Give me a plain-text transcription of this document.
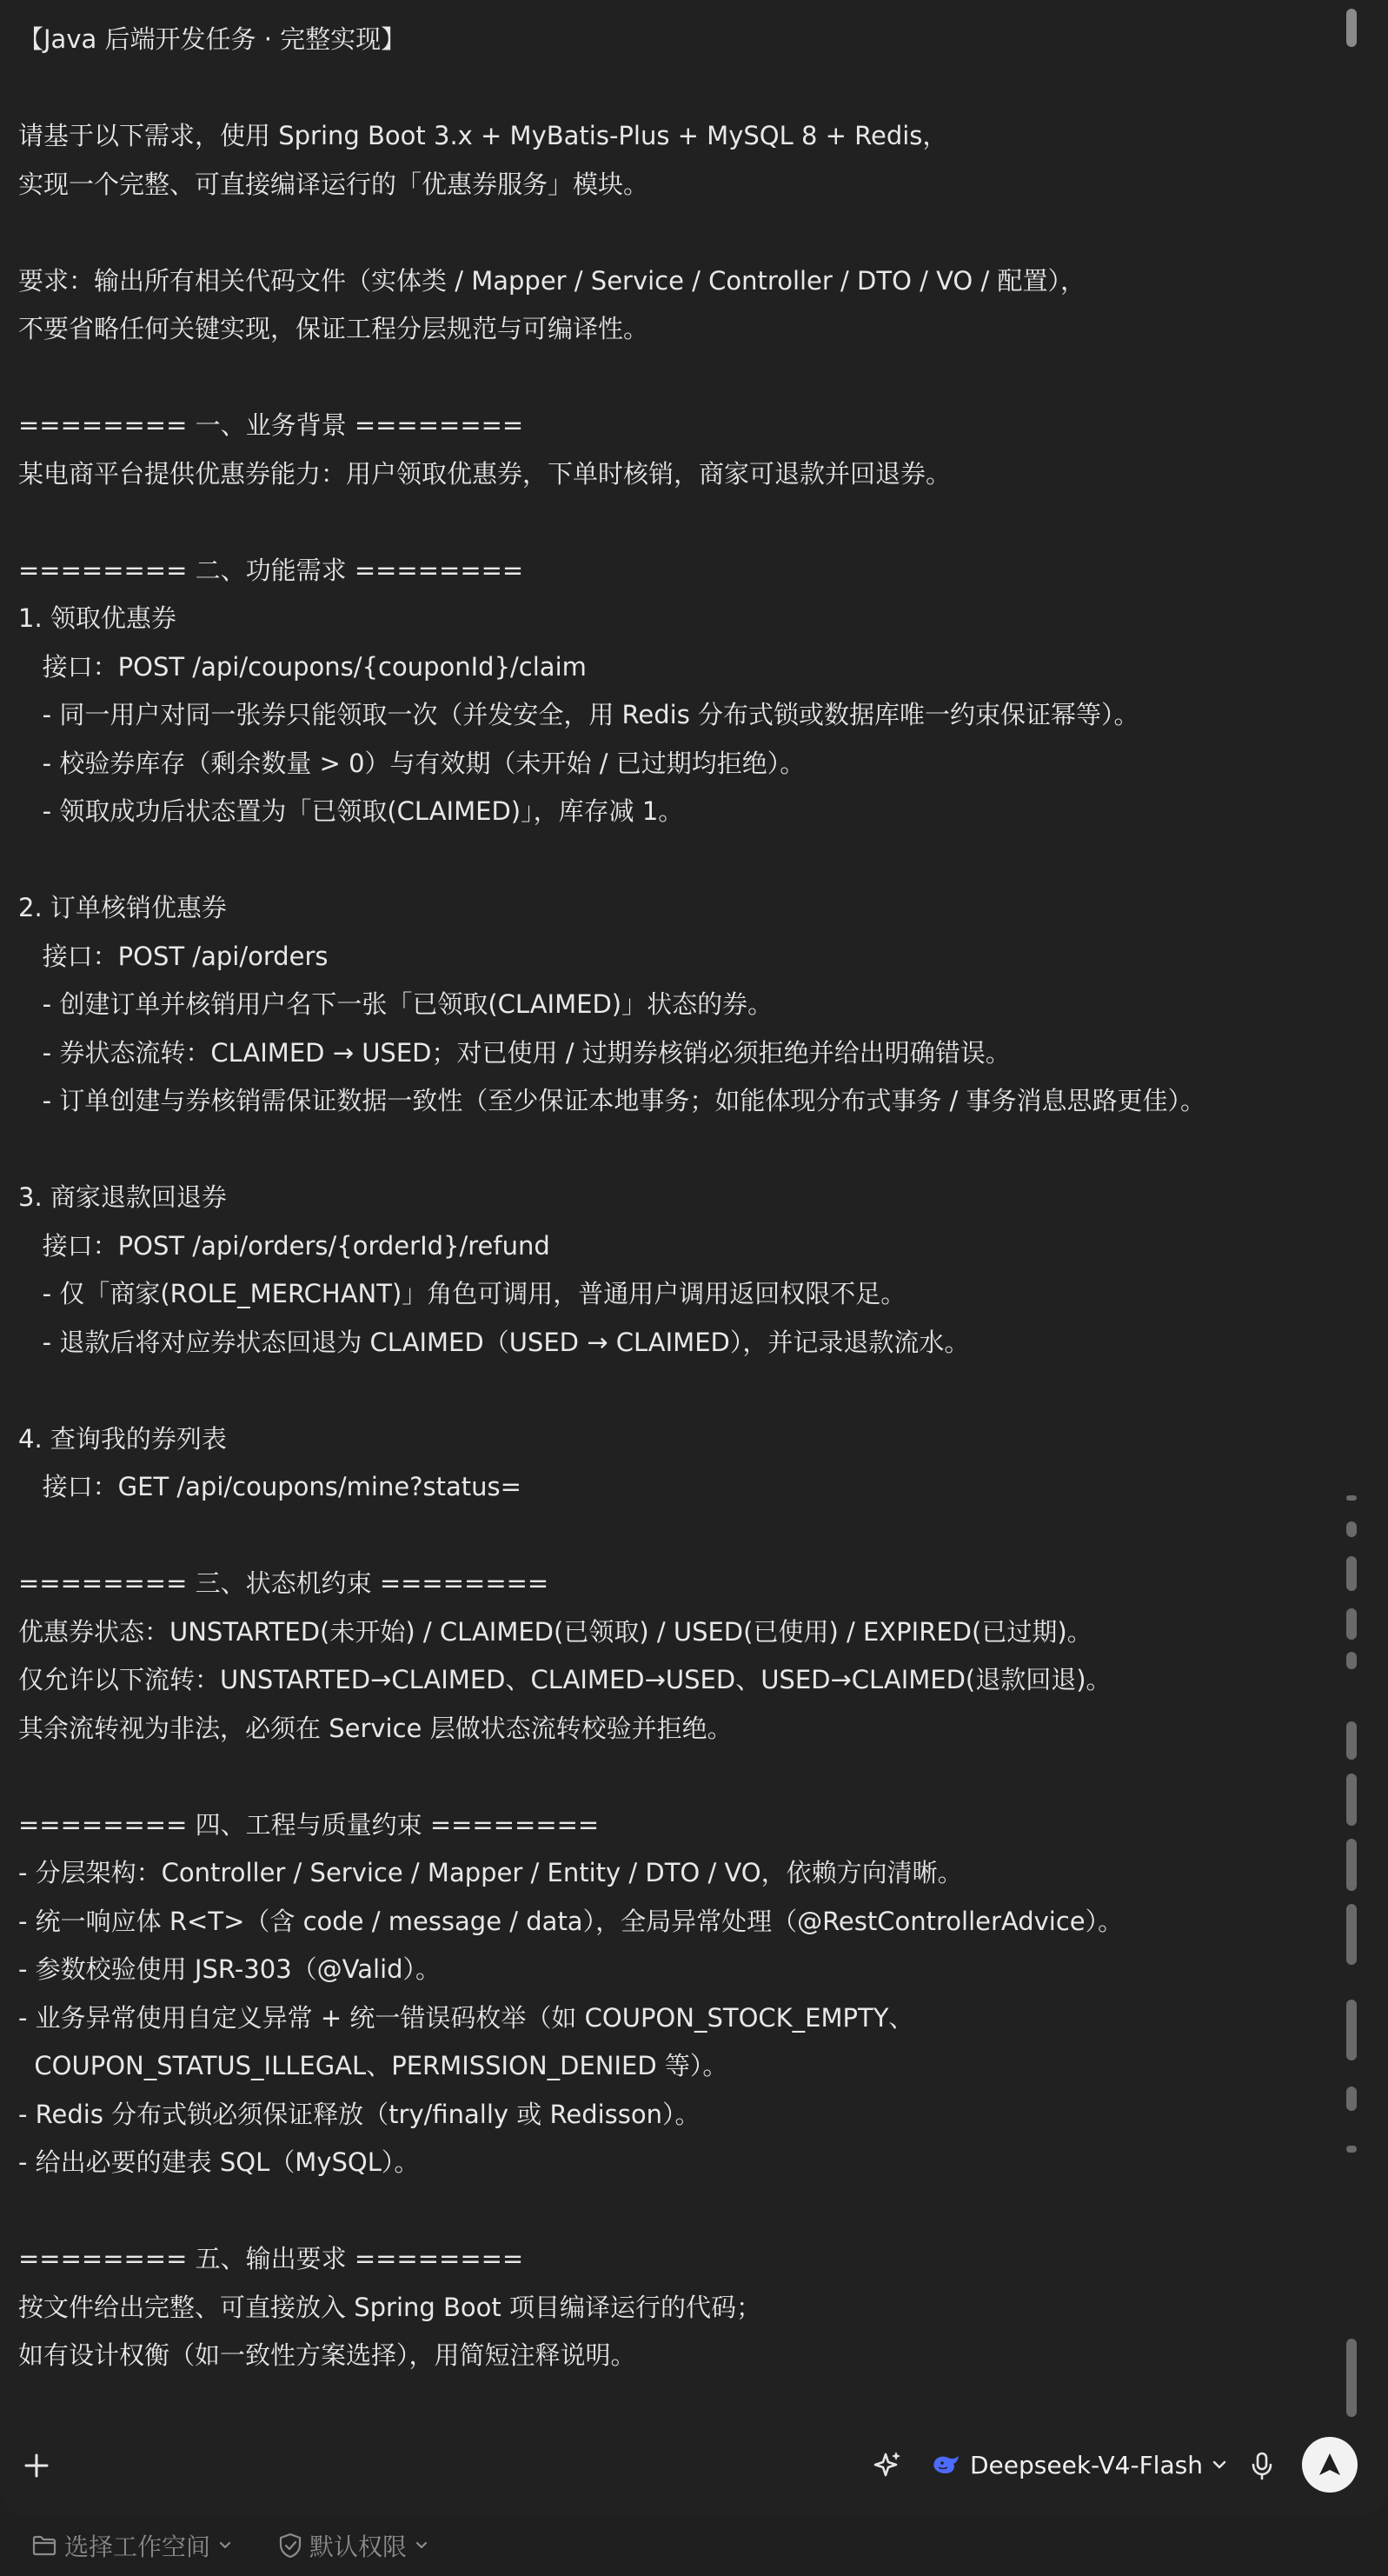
【Java 后端开发任务 · 完整实现】
请基于以下需求，使用 Spring Boot 3.x + MyBatis-Plus + MySQL 8 + Redis，
实现一个完整、可直接编译运行的「优惠券服务」模块。
要求：输出所有相关代码文件（实体类 / Mapper / Service / Controller / DTO / VO / 配置），
不要省略任何关键实现，保证工程分层规范与可编译性。
======== 一、业务背景 ========
某电商平台提供优惠券能力：用户领取优惠券，下单时核销，商家可退款并回退券。
======== 二、功能需求 ========
1. 领取优惠券
接口：POST /api/coupons/{couponId}/claim
- 同一用户对同一张券只能领取一次（并发安全，用 Redis 分布式锁或数据库唯一约束保证幂等）。
- 校验券库存（剩余数量 > 0）与有效期（未开始 / 已过期均拒绝）。
- 领取成功后状态置为「已领取(CLAIMED)」，库存减 1。
2. 订单核销优惠券
接口：POST /api/orders
- 创建订单并核销用户名下一张「已领取(CLAIMED)」状态的券。
- 券状态流转：CLAIMED → USED；对已使用 / 过期券核销必须拒绝并给出明确错误。
- 订单创建与券核销需保证数据一致性（至少保证本地事务；如能体现分布式事务 / 事务消息思路更佳）。
3. 商家退款回退券
接口：POST /api/orders/{orderId}/refund
- 仅「商家(ROLE_MERCHANT)」角色可调用，普通用户调用返回权限不足。
- 退款后将对应券状态回退为 CLAIMED（USED → CLAIMED），并记录退款流水。
4. 查询我的券列表
接口：GET /api/coupons/mine?status=
======== 三、状态机约束 ========
优惠券状态：UNSTARTED(未开始) / CLAIMED(已领取) / USED(已使用) / EXPIRED(已过期)。
仅允许以下流转：UNSTARTED→CLAIMED、CLAIMED→USED、USED→CLAIMED(退款回退)。
其余流转视为非法，必须在 Service 层做状态流转校验并拒绝。
======== 四、工程与质量约束 ========
- 分层架构：Controller / Service / Mapper / Entity / DTO / VO，依赖方向清晰。
- 统一响应体 R<T>（含 code / message / data），全局异常处理（@RestControllerAdvice）。
- 参数校验使用 JSR-303（@Valid）。
- 业务异常使用自定义异常 + 统一错误码枚举（如 COUPON_STOCK_EMPTY、
COUPON_STATUS_ILLEGAL、PERMISSION_DENIED 等）。
- Redis 分布式锁必须保证释放（try/finally 或 Redisson）。
- 给出必要的建表 SQL（MySQL）。
======== 五、输出要求 ========
按文件给出完整、可直接放入 Spring Boot 项目编译运行的代码；
如有设计权衡（如一致性方案选择），用简短注释说明。
Deepseek-V4-Flash
选择工作空间	默认权限
